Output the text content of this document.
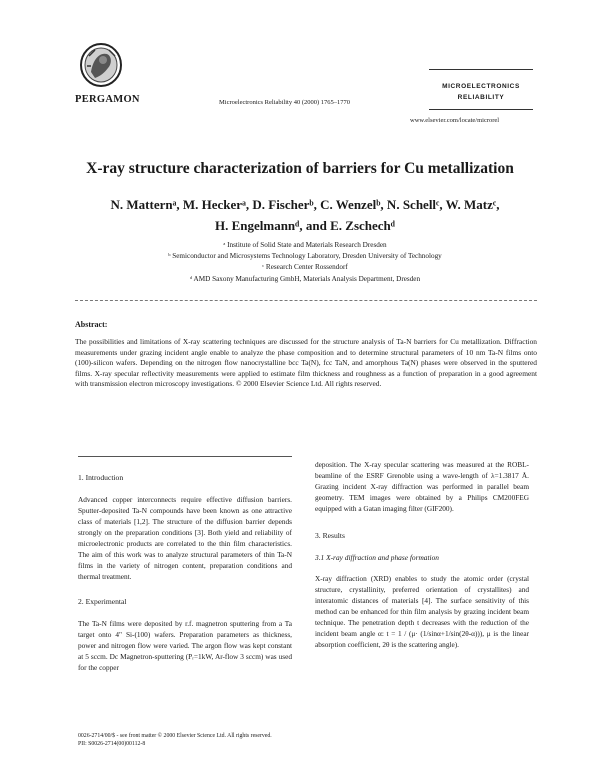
PERGAMON	Microelectronics Reliability 40 (2000) 1765–1770
MICROELECTRONICS
RELIABILITY
www.elsevier.com/locate/microrel
X-ray structure characterization of barriers for Cu metallization
N. Matternᵃ, M. Heckerᵃ, D. Fischerᵇ, C. Wenzelᵇ, N. Schellᶜ, W. Matzᶜ,
H. Engelmannᵈ, and E. Zschechᵈ
ᵃ Institute of Solid State and Materials Research Dresden
ᵇ Semiconductor and Microsystems Technology Laboratory, Dresden University of Technology
ᶜ Research Center Rossendorf
ᵈ AMD Saxony Manufacturing GmbH, Materials Analysis Department, Dresden
Abstract:
The possibilities and limitations of X-ray scattering techniques are discussed for the structure analysis of Ta-N barriers for Cu metallization. Diffraction measurements under grazing incident angle enable to analyze the phase composition and to determine structural parameters of 10 nm Ta-N films onto (100)-silicon wafers. Depending on the nitrogen flow nanocrystalline bcc Ta(N), fcc TaN, and amorphous Ta(N) phases were observed in the sputtered films. X-ray specular reflectivity measurements were applied to estimate film thickness and roughness as a function of preparation in a good agreement with transmission electron microscopy investigations. © 2000 Elsevier Science Ltd. All rights reserved.
1. Introduction

Advanced copper interconnects require effective diffusion barriers. Sputter-deposited Ta-N compounds have been known as one attractive class of materials [1,2]. The structure of the diffusion barrier depends strongly on the preparation conditions [3]. Both yield and reliability of microelectronic products are correlated to the thin film characteristics. The aim of this work was to analyze structural parameters of thin Ta-N films in the variety of nitrogen content, preparation conditions and thermal treatment.

2. Experimental

The Ta-N films were deposited by r.f. magnetron sputtering from a Ta target onto 4" Si-(100) wafers. Preparation parameters as thickness, power and nitrogen flow were varied. The argon flow was kept constant at 5 sccm. Dc Magnetron-sputtering (Pᵣ=1kW, Ar-flow 3 sccm) was used for the copper

deposition. The X-ray specular scattering was measured at the ROBL-beamline of the ESRF Grenoble using a wave-length of λ=1.3817 Å. Grazing incident X-ray diffraction was performed in parallel beam geometry. TEM images were obtained by a Philips CM200FEG equipped with a Gatan imaging filter (GIF200).

3. Results
3.1 X-ray diffraction and phase formation

X-ray diffraction (XRD) enables to study the atomic order (crystal structure, crystallinity, preferred orientation of crystallites) and interatomic distances of materials [4]. The surface sensitivity of this method can be enhanced for thin film analysis by grazing incident beam technique. The penetration depth t decreases with the reduction of the incident beam angle α: t = 1 / (μ· (1/sinα+1/sin(2θ-α))), μ is the linear absorption coefficient, 2θ is the scattering angle).

0026-2714/00/$ - see front matter © 2000 Elsevier Science Ltd. All rights reserved.
PII: S0026-2714(00)00112-8
